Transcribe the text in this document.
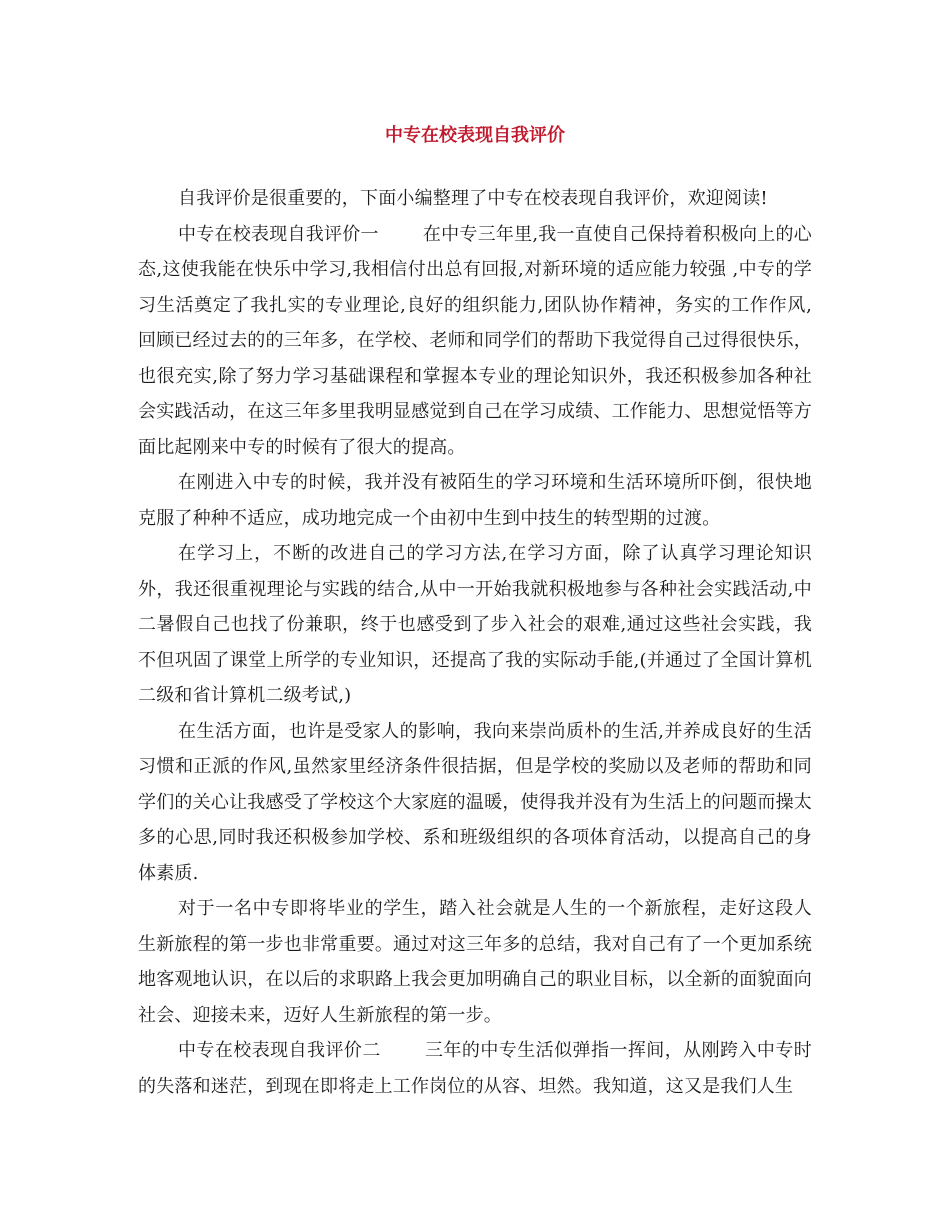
中专在校表现自我评价

自我评价是很重要的，下面小编整理了中专在校表现自我评价，欢迎阅读!

中专在校表现自我评价一 在中专三年里,我一直使自己保持着积极向上的心态,这使我能在快乐中学习,我相信付出总有回报,对新环境的适应能力较强 ,中专的学习生活奠定了我扎实的专业理论,良好的组织能力,团队协作精神，务实的工作作风, 回顾已经过去的的三年多，在学校、老师和同学们的帮助下我觉得自己过得很快乐，也很充实,除了努力学习基础课程和掌握本专业的理论知识外，我还积极参加各种社会实践活动，在这三年多里我明显感觉到自己在学习成绩、工作能力、思想觉悟等方面比起刚来中专的时候有了很大的提高。

在刚进入中专的时候，我并没有被陌生的学习环境和生活环境所吓倒，很快地克服了种种不适应，成功地完成一个由初中生到中技生的转型期的过渡。

在学习上，不断的改进自己的学习方法,在学习方面，除了认真学习理论知识外，我还很重视理论与实践的结合,从中一开始我就积极地参与各种社会实践活动,中二暑假自己也找了份兼职，终于也感受到了步入社会的艰难,通过这些社会实践，我不但巩固了课堂上所学的专业知识，还提高了我的实际动手能,(并通过了全国计算机二级和省计算机二级考试,)

在生活方面，也许是受家人的影响，我向来崇尚质朴的生活,并养成良好的生活习惯和正派的作风,虽然家里经济条件很拮据，但是学校的奖励以及老师的帮助和同学们的关心让我感受了学校这个大家庭的温暖，使得我并没有为生活上的问题而操太多的心思,同时我还积极参加学校、系和班级组织的各项体育活动，以提高自己的身体素质.

对于一名中专即将毕业的学生，踏入社会就是人生的一个新旅程，走好这段人生新旅程的第一步也非常重要。通过对这三年多的总结，我对自己有了一个更加系统地客观地认识，在以后的求职路上我会更加明确自己的职业目标，以全新的面貌面向社会、迎接未来，迈好人生新旅程的第一步。

中专在校表现自我评价二 三年的中专生活似弹指一挥间，从刚跨入中专时的失落和迷茫，到现在即将走上工作岗位的从容、坦然。我知道，这又是我们人生
